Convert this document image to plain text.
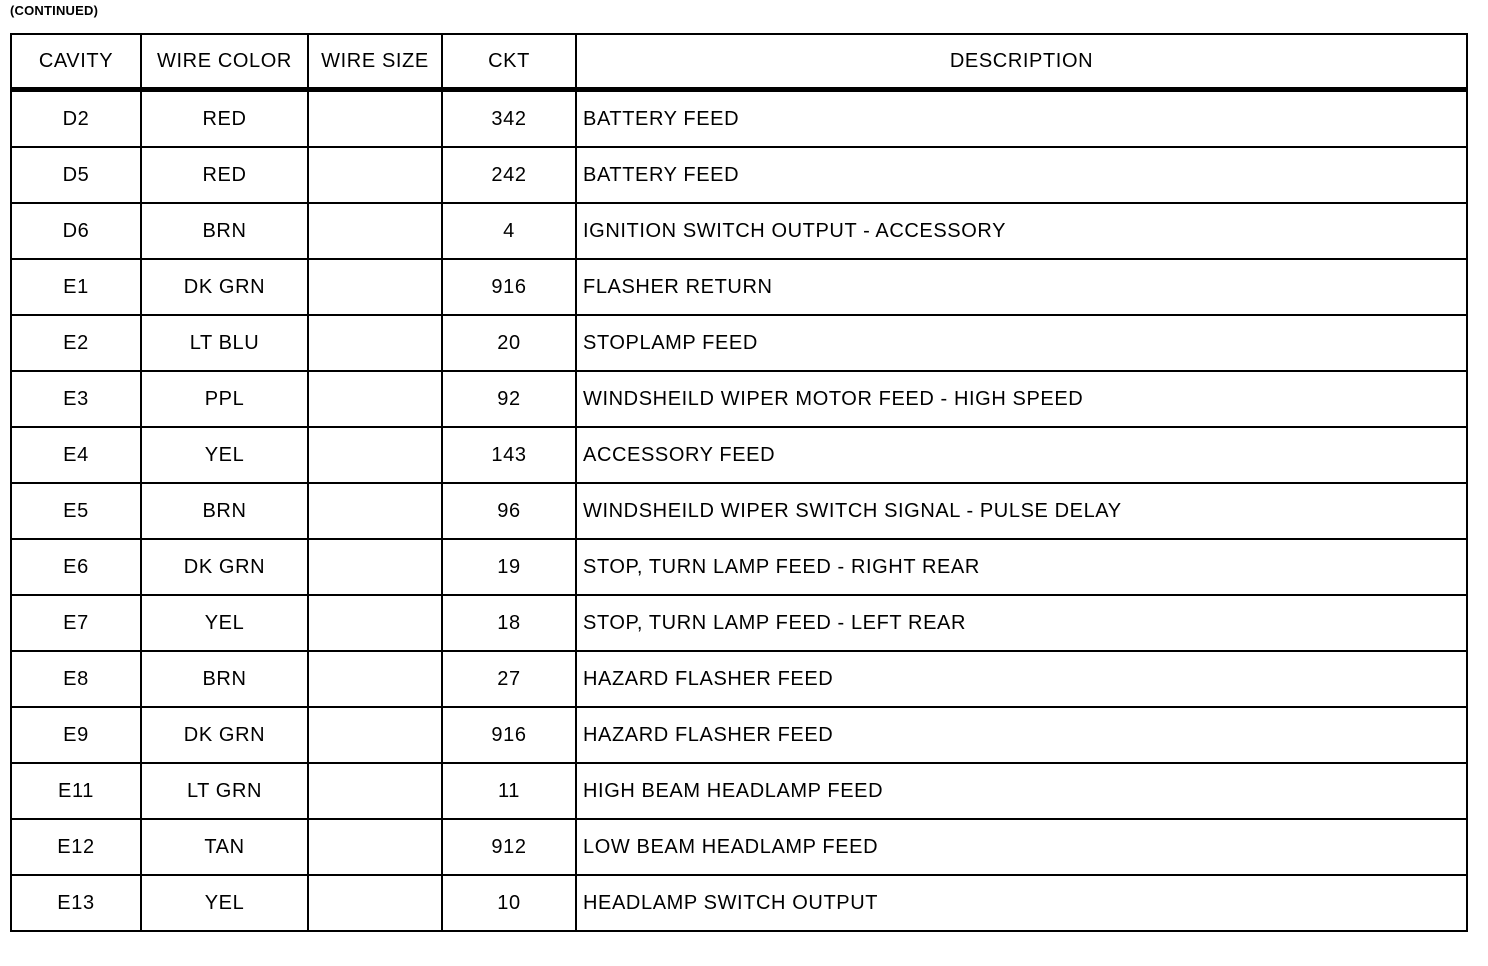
(CONTINUED)
CAVITY	WIRE COLOR	WIRE SIZE	CKT	DESCRIPTION
D2	RED		342	BATTERY FEED
D5	RED		242	BATTERY FEED
D6	BRN		4	IGNITION SWITCH OUTPUT - ACCESSORY
E1	DK GRN		916	FLASHER RETURN
E2	LT BLU		20	STOPLAMP FEED
E3	PPL		92	WINDSHEILD WIPER MOTOR FEED - HIGH SPEED
E4	YEL		143	ACCESSORY FEED
E5	BRN		96	WINDSHEILD WIPER SWITCH SIGNAL - PULSE DELAY
E6	DK GRN		19	STOP, TURN LAMP FEED - RIGHT REAR
E7	YEL		18	STOP, TURN LAMP FEED - LEFT REAR
E8	BRN		27	HAZARD FLASHER FEED
E9	DK GRN		916	HAZARD FLASHER FEED
E11	LT GRN		11	HIGH BEAM HEADLAMP FEED
E12	TAN		912	LOW BEAM HEADLAMP FEED
E13	YEL		10	HEADLAMP SWITCH OUTPUT
